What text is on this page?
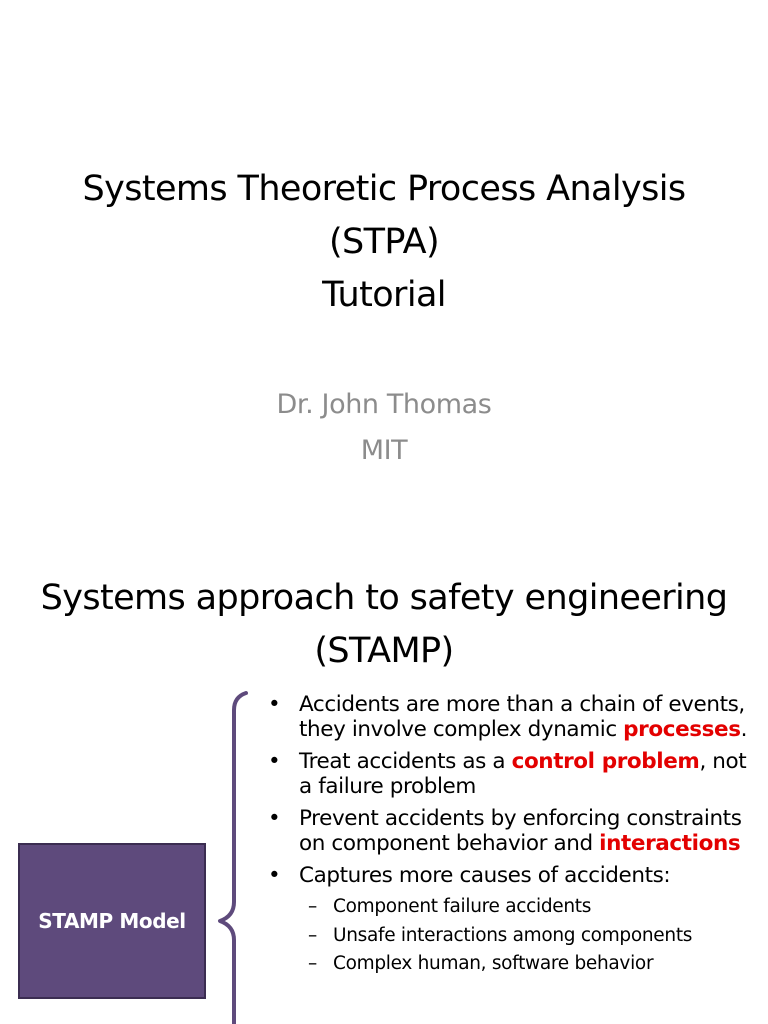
Systems Theoretic Process Analysis
(STPA)
Tutorial
Dr. John Thomas
MIT
Systems approach to safety engineering
(STAMP)
STAMP Model
• Accidents are more than a chain of events, they involve complex dynamic processes.
• Treat accidents as a control problem, not a failure problem
• Prevent accidents by enforcing constraints on component behavior and interactions
• Captures more causes of accidents:
– Component failure accidents
– Unsafe interactions among components
– Complex human, software behavior
